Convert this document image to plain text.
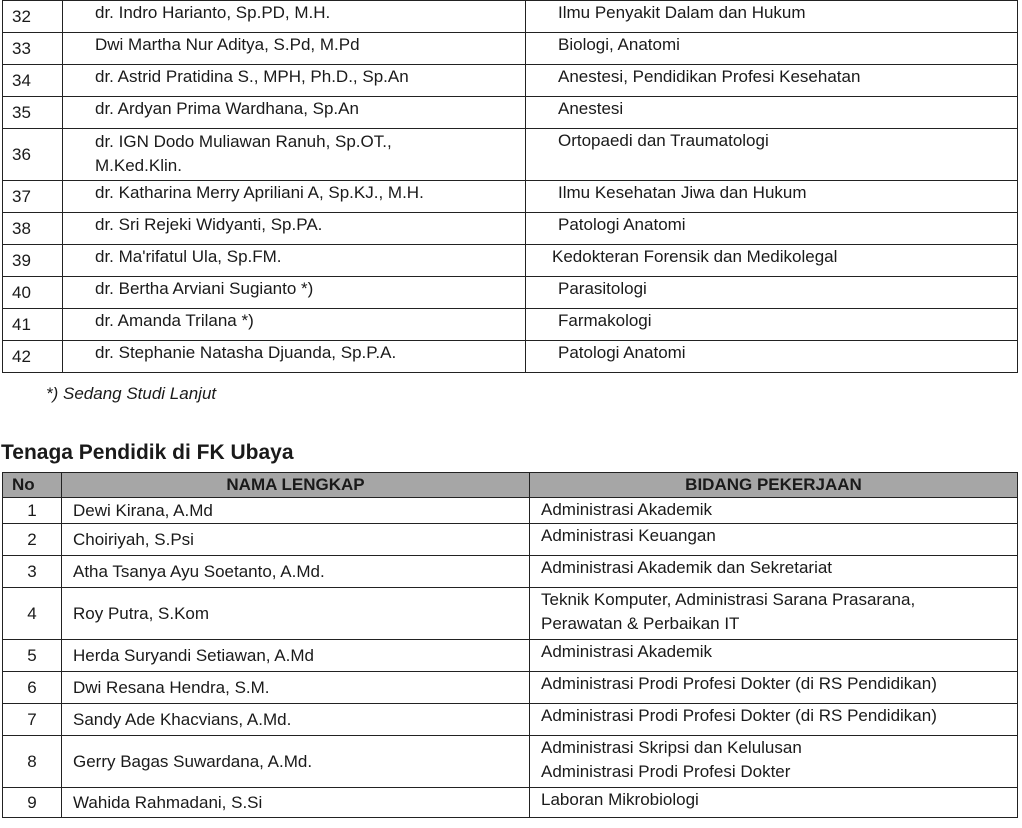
32	dr. Indro Harianto, Sp.PD, M.H.	Ilmu Penyakit Dalam dan Hukum
33	Dwi Martha Nur Aditya, S.Pd, M.Pd	Biologi, Anatomi
34	dr. Astrid Pratidina S., MPH, Ph.D., Sp.An	Anestesi, Pendidikan Profesi Kesehatan
35	dr. Ardyan Prima Wardhana, Sp.An	Anestesi
36	dr. IGN Dodo Muliawan Ranuh, Sp.OT.,
M.Ked.Klin.	Ortopaedi dan Traumatologi
37	dr. Katharina Merry Apriliani A, Sp.KJ., M.H.	Ilmu Kesehatan Jiwa dan Hukum
38	dr. Sri Rejeki Widyanti, Sp.PA.	Patologi Anatomi
39	dr. Ma'rifatul Ula, Sp.FM.	Kedokteran Forensik dan Medikolegal
40	dr. Bertha Arviani Sugianto *)	Parasitologi
41	dr. Amanda Trilana *)	Farmakologi
42	dr. Stephanie Natasha Djuanda, Sp.P.A.	Patologi Anatomi
*) Sedang Studi Lanjut
Tenaga Pendidik di FK Ubaya
No	NAMA LENGKAP	BIDANG PEKERJAAN
1	Dewi Kirana, A.Md	Administrasi Akademik
2	Choiriyah, S.Psi	Administrasi Keuangan
3	Atha Tsanya Ayu Soetanto, A.Md.	Administrasi Akademik dan Sekretariat
4	Roy Putra, S.Kom	Teknik Komputer, Administrasi Sarana Prasarana,
Perawatan & Perbaikan IT

5	Herda Suryandi Setiawan, A.Md	Administrasi Akademik
6	Dwi Resana Hendra, S.M.	Administrasi Prodi Profesi Dokter (di RS Pendidikan)
7	Sandy Ade Khacvians, A.Md.	Administrasi Prodi Profesi Dokter (di RS Pendidikan)
8	Gerry Bagas Suwardana, A.Md.	Administrasi Skripsi dan Kelulusan
Administrasi Prodi Profesi Dokter

9	Wahida Rahmadani, S.Si	Laboran Mikrobiologi
